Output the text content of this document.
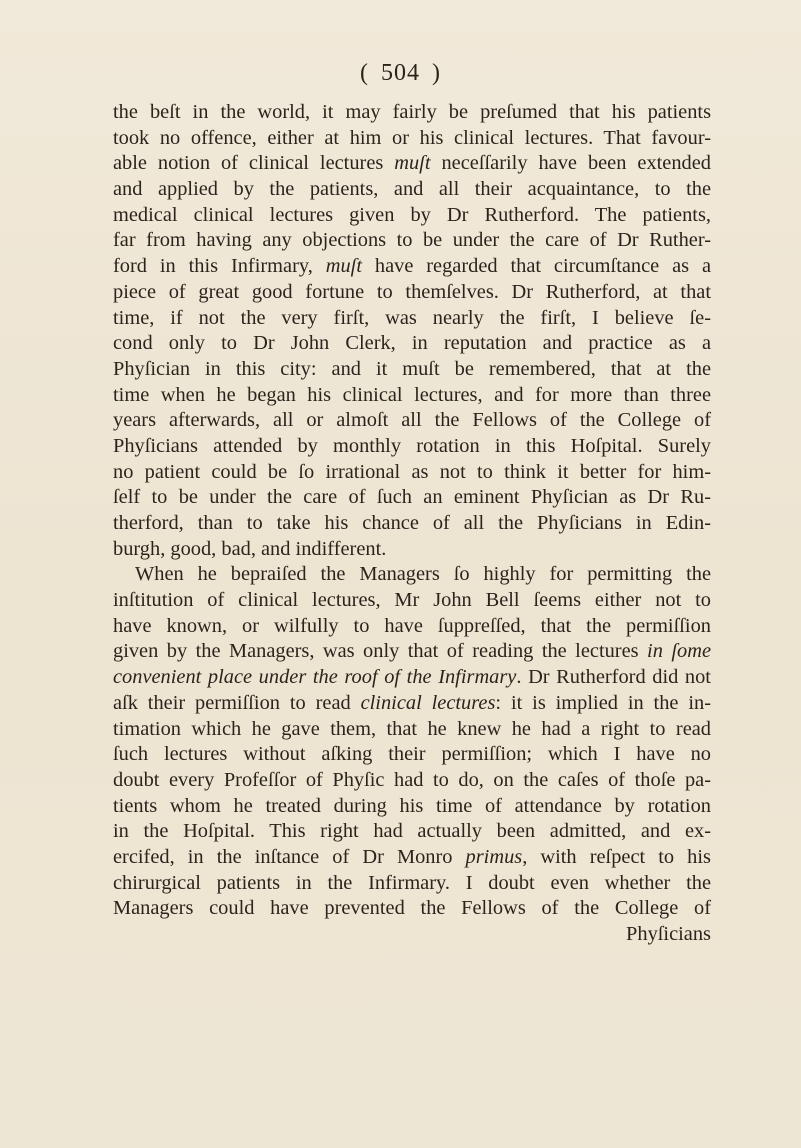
( 504 )
the beſt in the world, it may fairly be preſumed that his patients
took no offence, either at him or his clinical lectures. That favour-
able notion of clinical lectures muſt neceſſarily have been extended
and applied by the patients, and all their acquaintance, to the
medical clinical lectures given by Dr Rutherford. The patients,
far from having any objections to be under the care of Dr Ruther-
ford in this Infirmary, muſt have regarded that circumſtance as a
piece of great good fortune to themſelves. Dr Rutherford, at that
time, if not the very firſt, was nearly the firſt, I believe ſe-
cond only to Dr John Clerk, in reputation and practice as a
Phyſician in this city: and it muſt be remembered, that at the
time when he began his clinical lectures, and for more than three
years afterwards, all or almoſt all the Fellows of the College of
Phyſicians attended by monthly rotation in this Hoſpital. Surely
no patient could be ſo irrational as not to think it better for him-
ſelf to be under the care of ſuch an eminent Phyſician as Dr Ru-
therford, than to take his chance of all the Phyſicians in Edin-
burgh, good, bad, and indifferent.
When he bepraiſed the Managers ſo highly for permitting the
inſtitution of clinical lectures, Mr John Bell ſeems either not to
have known, or wilfully to have ſuppreſſed, that the permiſſion
given by the Managers, was only that of reading the lectures in ſome
convenient place under the roof of the Infirmary. Dr Rutherford did not
aſk their permiſſion to read clinical lectures: it is implied in the in-
timation which he gave them, that he knew he had a right to read
ſuch lectures without aſking their permiſſion; which I have no
doubt every Profeſſor of Phyſic had to do, on the caſes of thoſe pa-
tients whom he treated during his time of attendance by rotation
in the Hoſpital. This right had actually been admitted, and ex-
ercifed, in the inſtance of Dr Monro primus, with reſpect to his
chirurgical patients in the Infirmary. I doubt even whether the
Managers could have prevented the Fellows of the College of
Phyſicians
